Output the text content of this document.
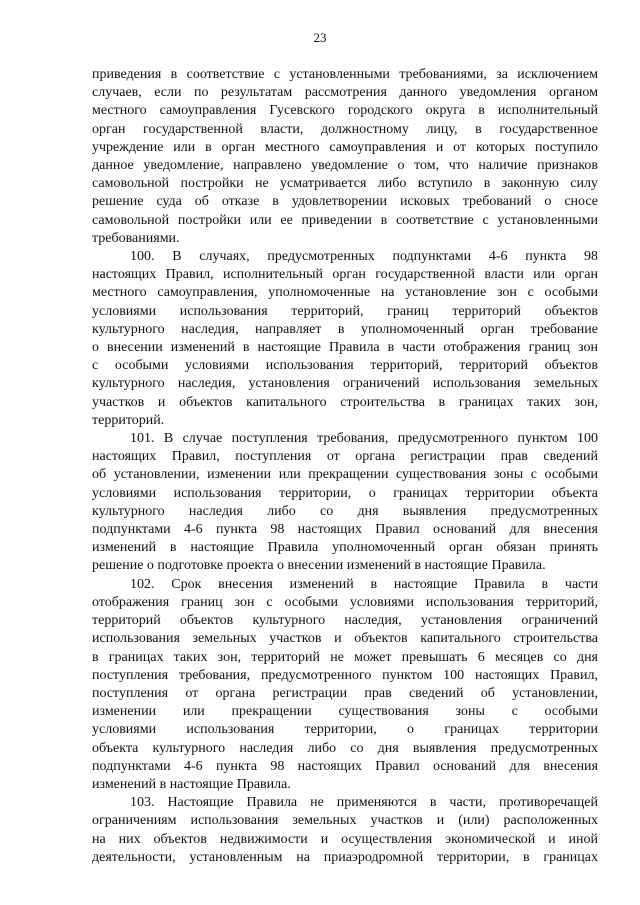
23
приведения в соответствие с установленными требованиями, за исключением
случаев, если по результатам рассмотрения данного уведомления органом
местного самоуправления Гусевского городского округа в исполнительный
орган государственной власти, должностному лицу, в государственное
учреждение или в орган местного самоуправления и от которых поступило
данное уведомление, направлено уведомление о том, что наличие признаков
самовольной постройки не усматривается либо вступило в законную силу
решение суда об отказе в удовлетворении исковых требований о сносе
самовольной постройки или ее приведении в соответствие с установленными
требованиями.
100. В случаях, предусмотренных подпунктами 4-6 пункта 98
настоящих Правил, исполнительный орган государственной власти или орган
местного самоуправления, уполномоченные на установление зон с особыми
условиями использования территорий, границ территорий объектов
культурного наследия, направляет в уполномоченный орган требование
о внесении изменений в настоящие Правила в части отображения границ зон
с особыми условиями использования территорий, территорий объектов
культурного наследия, установления ограничений использования земельных
участков и объектов капитального строительства в границах таких зон,
территорий.
101. В случае поступления требования, предусмотренного пунктом 100
настоящих Правил, поступления от органа регистрации прав сведений
об установлении, изменении или прекращении существования зоны с особыми
условиями использования территории, о границах территории объекта
культурного наследия либо со дня выявления предусмотренных
подпунктами 4-6 пункта 98 настоящих Правил оснований для внесения
изменений в настоящие Правила уполномоченный орган обязан принять
решение о подготовке проекта о внесении изменений в настоящие Правила.
102. Срок внесения изменений в настоящие Правила в части
отображения границ зон с особыми условиями использования территорий,
территорий объектов культурного наследия, установления ограничений
использования земельных участков и объектов капитального строительства
в границах таких зон, территорий не может превышать 6 месяцев со дня
поступления требования, предусмотренного пунктом 100 настоящих Правил,
поступления от органа регистрации прав сведений об установлении,
изменении или прекращении существования зоны с особыми
условиями использования территории, о границах территории
объекта культурного наследия либо со дня выявления предусмотренных
подпунктами 4-6 пункта 98 настоящих Правил оснований для внесения
изменений в настоящие Правила.
103. Настоящие Правила не применяются в части, противоречащей
ограничениям использования земельных участков и (или) расположенных
на них объектов недвижимости и осуществления экономической и иной
деятельности, установленным на приаэродромной территории, в границах
